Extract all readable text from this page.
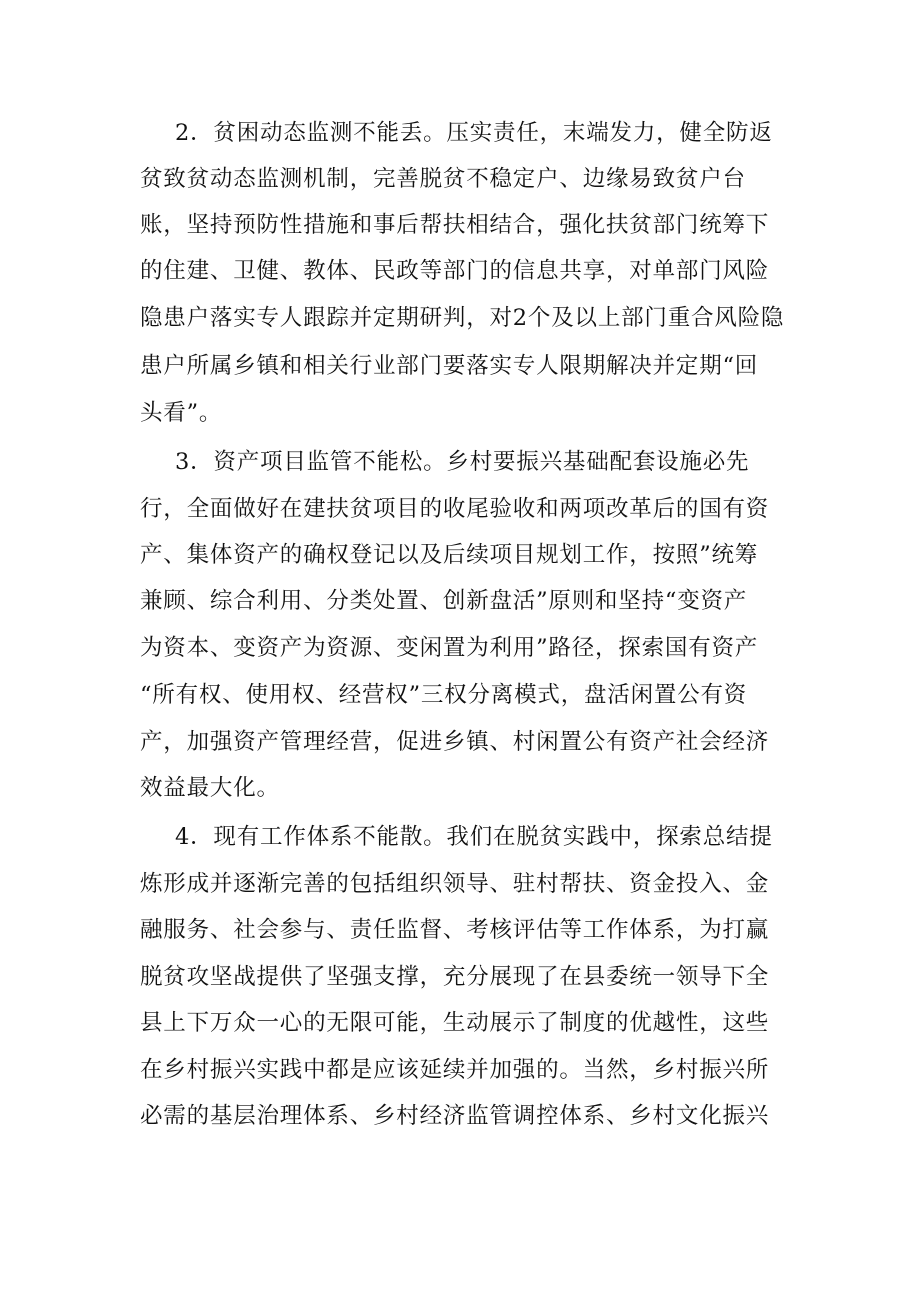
2．贫困动态监测不能丢。压实责任，末端发力，健全防返
贫致贫动态监测机制，完善脱贫不稳定户、边缘易致贫户台
账，坚持预防性措施和事后帮扶相结合，强化扶贫部门统筹下
的住建、卫健、教体、民政等部门的信息共享，对单部门风险
隐患户落实专人跟踪并定期研判，对2个及以上部门重合风险隐
患户所属乡镇和相关行业部门要落实专人限期解决并定期“回
头看”。
3．资产项目监管不能松。乡村要振兴基础配套设施必先
行，全面做好在建扶贫项目的收尾验收和两项改革后的国有资
产、集体资产的确权登记以及后续项目规划工作，按照”统筹
兼顾、综合利用、分类处置、创新盘活”原则和坚持“变资产
为资本、变资产为资源、变闲置为利用”路径，探索国有资产
“所有权、使用权、经营权”三权分离模式，盘活闲置公有资
产，加强资产管理经营，促进乡镇、村闲置公有资产社会经济
效益最大化。
4．现有工作体系不能散。我们在脱贫实践中，探索总结提
炼形成并逐渐完善的包括组织领导、驻村帮扶、资金投入、金
融服务、社会参与、责任监督、考核评估等工作体系，为打赢
脱贫攻坚战提供了坚强支撑，充分展现了在县委统一领导下全
县上下万众一心的无限可能，生动展示了制度的优越性，这些
在乡村振兴实践中都是应该延续并加强的。当然，乡村振兴所
必需的基层治理体系、乡村经济监管调控体系、乡村文化振兴
